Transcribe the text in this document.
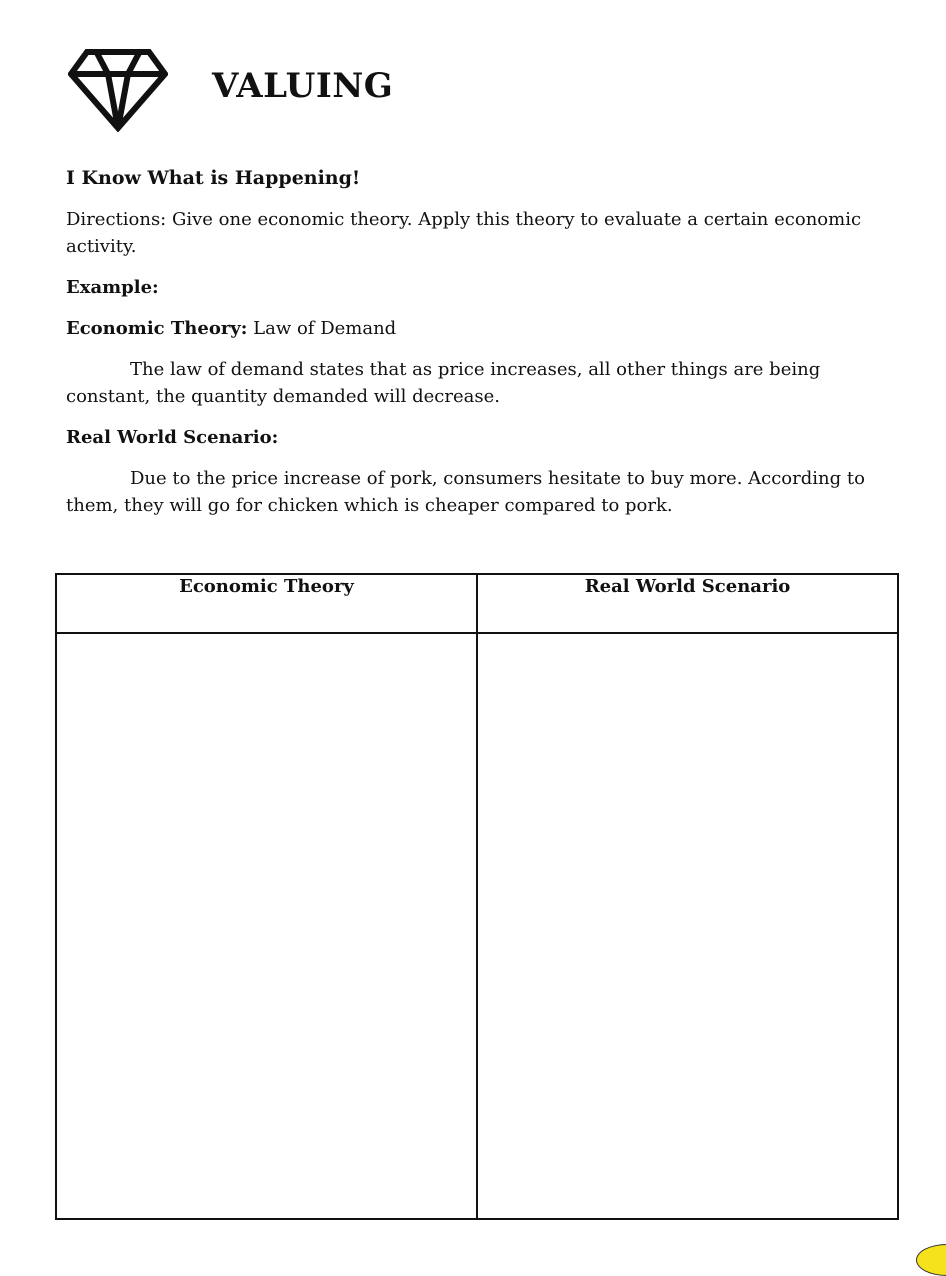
VALUING

I Know What is Happening!

Directions: Give one economic theory. Apply this theory to evaluate a certain economic activity.

Example:

Economic Theory: Law of Demand

The law of demand states that as price increases, all other things are being constant, the quantity demanded will decrease.

Real World Scenario:

Due to the price increase of pork, consumers hesitate to buy more. According to them, they will go for chicken which is cheaper compared to pork.

Economic Theory	Real World Scenario
